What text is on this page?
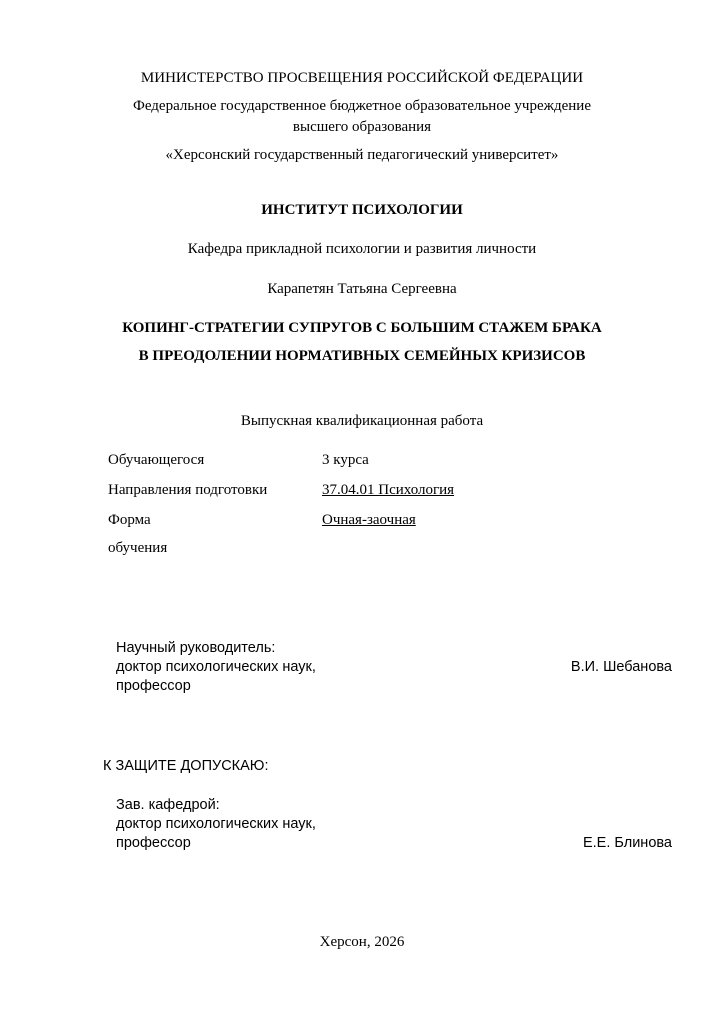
МИНИСТЕРСТВО ПРОСВЕЩЕНИЯ РОССИЙСКОЙ ФЕДЕРАЦИИ
Федеральное государственное бюджетное образовательное учреждение
высшего образования
«Херсонский государственный педагогический университет»
ИНСТИТУТ ПСИХОЛОГИИ
Кафедра прикладной психологии и развития личности
Карапетян Татьяна Сергеевна
КОПИНГ-СТРАТЕГИИ СУПРУГОВ С БОЛЬШИМ СТАЖЕМ БРАКА
В ПРЕОДОЛЕНИИ НОРМАТИВНЫХ СЕМЕЙНЫХ КРИЗИСОВ
Выпускная квалификационная работа
Обучающегося	3 курса
Направления подготовки	37.04.01 Психология
Форма	Очная-заочная
обучения
Научный руководитель:
доктор психологических наук,	В.И. Шебанова
профессор
К ЗАЩИТЕ ДОПУСКАЮ:
Зав. кафедрой:
доктор психологических наук,
профессор	Е.Е. Блинова
Херсон, 2026
